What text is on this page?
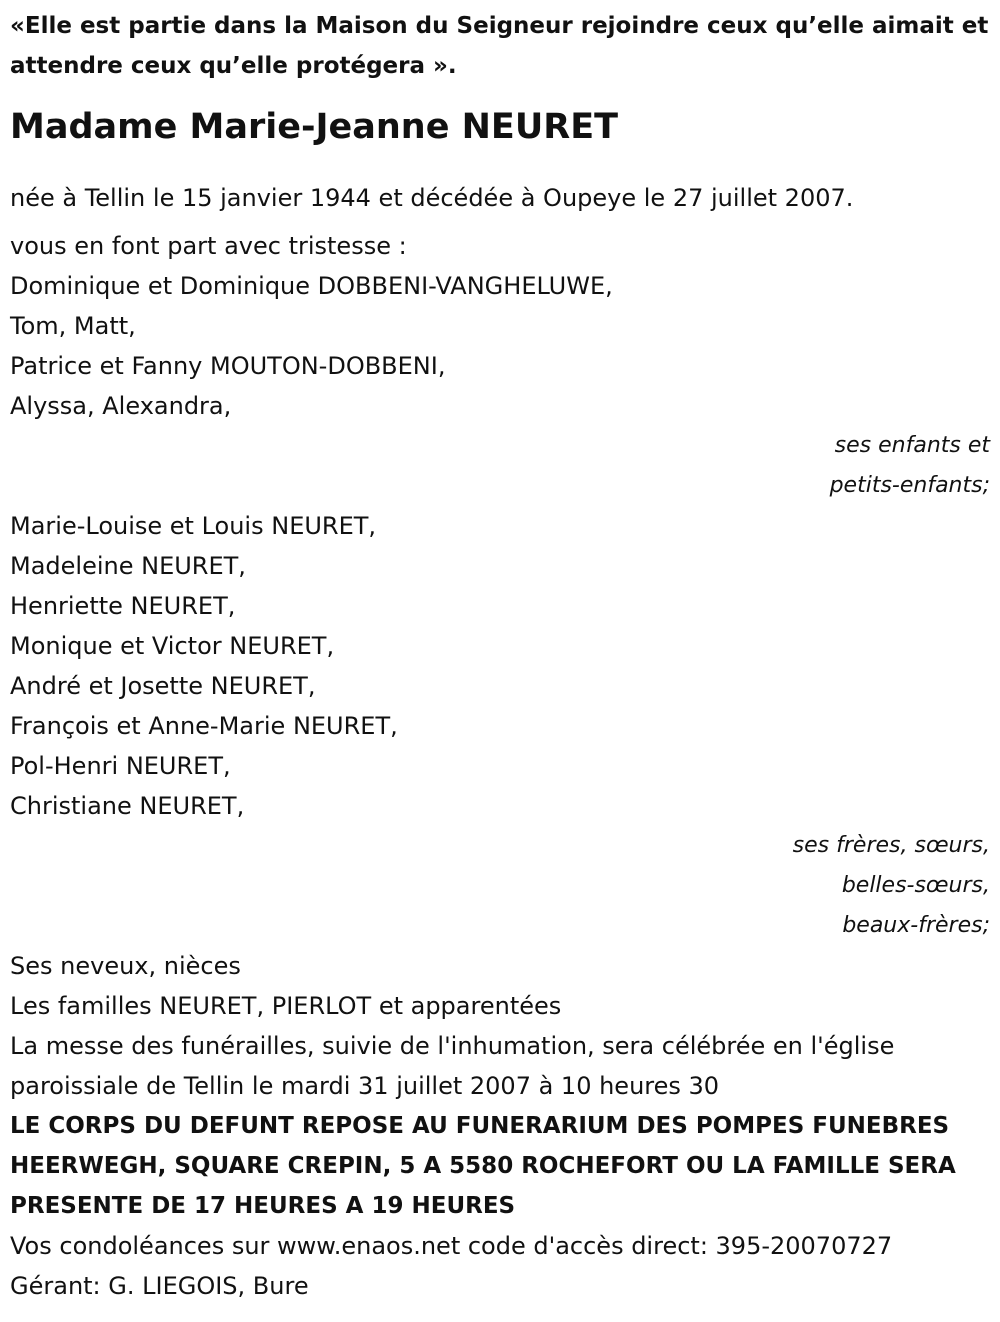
«Elle est partie dans la Maison du Seigneur rejoindre ceux qu’elle aimait et attendre ceux qu’elle protégera ».

Madame Marie-Jeanne NEURET

née à Tellin le 15 janvier 1944 et décédée à Oupeye le 27 juillet 2007.

vous en font part avec tristesse :

Dominique et Dominique DOBBENI-VANGHELUWE,

Tom, Matt,

Patrice et Fanny MOUTON-DOBBENI,

Alyssa, Alexandra,

ses enfants et

petits-enfants;

Marie-Louise et Louis NEURET,

Madeleine NEURET,

Henriette NEURET,

Monique et Victor NEURET,

André et Josette NEURET,

François et Anne-Marie NEURET,

Pol-Henri NEURET,

Christiane NEURET,

ses frères, sœurs,

belles-sœurs,

beaux-frères;

Ses neveux, nièces

Les familles NEURET, PIERLOT et apparentées

La messe des funérailles, suivie de l'inhumation, sera célébrée en l'église paroissiale de Tellin le mardi 31 juillet 2007 à 10 heures 30

LE CORPS DU DEFUNT REPOSE AU FUNERARIUM DES POMPES FUNEBRES HEERWEGH, SQUARE CREPIN, 5 A 5580 ROCHEFORT OU LA FAMILLE SERA PRESENTE DE 17 HEURES A 19 HEURES

Vos condoléances sur www.enaos.net code d'accès direct: 395-20070727

Gérant: G. LIEGOIS, Bure
